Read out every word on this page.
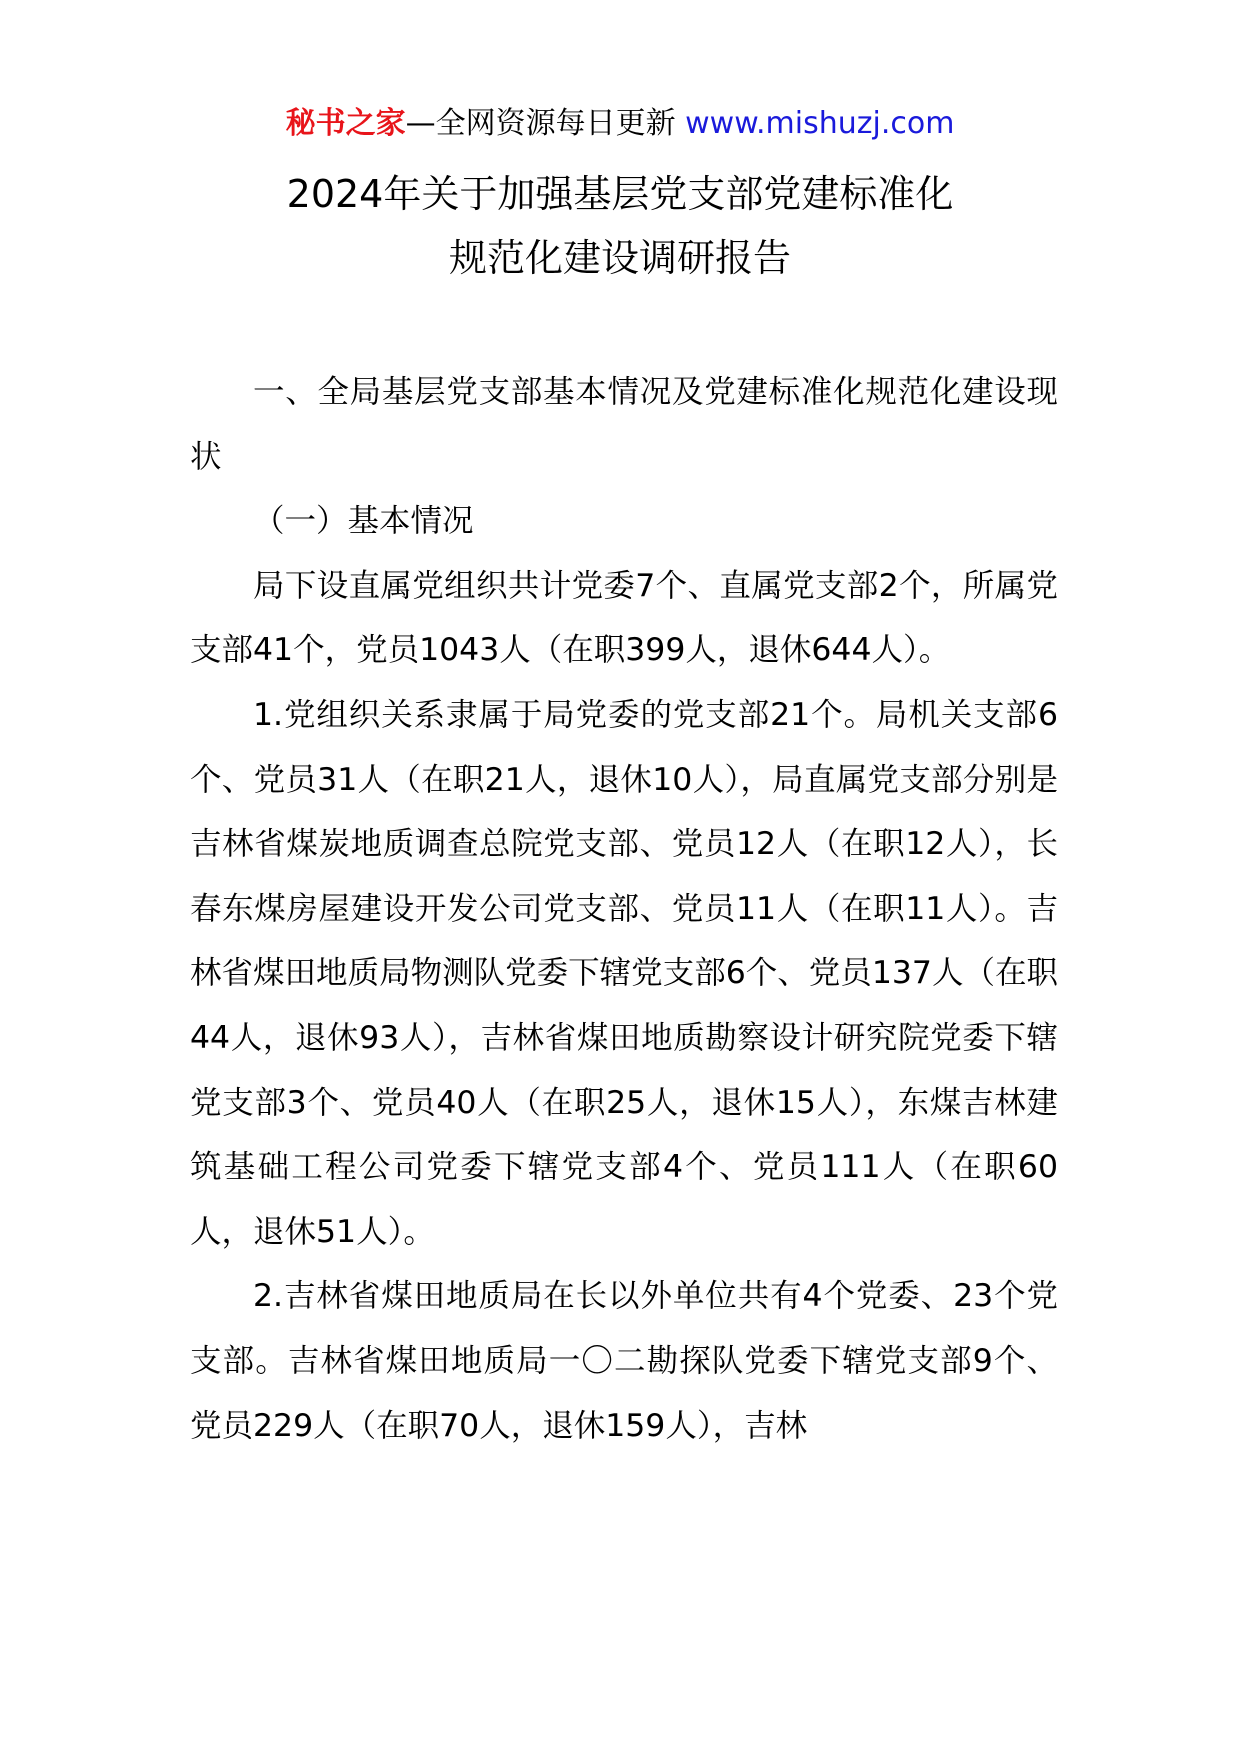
秘书之家—全网资源每日更新 www.mishuzj.com
2024年关于加强基层党支部党建标准化
规范化建设调研报告

一、全局基层党支部基本情况及党建标准化规范化建设现状

（一）基本情况

局下设直属党组织共计党委7个、直属党支部2个，所属党支部41个，党员1043人（在职399人，退休644人）。

1.党组织关系隶属于局党委的党支部21个。局机关支部6个、党员31人（在职21人，退休10人），局直属党支部分别是吉林省煤炭地质调查总院党支部、党员12人（在职12人），长春东煤房屋建设开发公司党支部、党员11人（在职11人）。吉林省煤田地质局物测队党委下辖党支部6个、党员137人（在职44人，退休93人），吉林省煤田地质勘察设计研究院党委下辖党支部3个、党员40人（在职25人，退休15人），东煤吉林建筑基础工程公司党委下辖党支部4个、党员111人（在职60人，退休51人）。

2.吉林省煤田地质局在长以外单位共有4个党委、23个党支部。吉林省煤田地质局一〇二勘探队党委下辖党支部9个、党员229人（在职70人，退休159人），吉林
